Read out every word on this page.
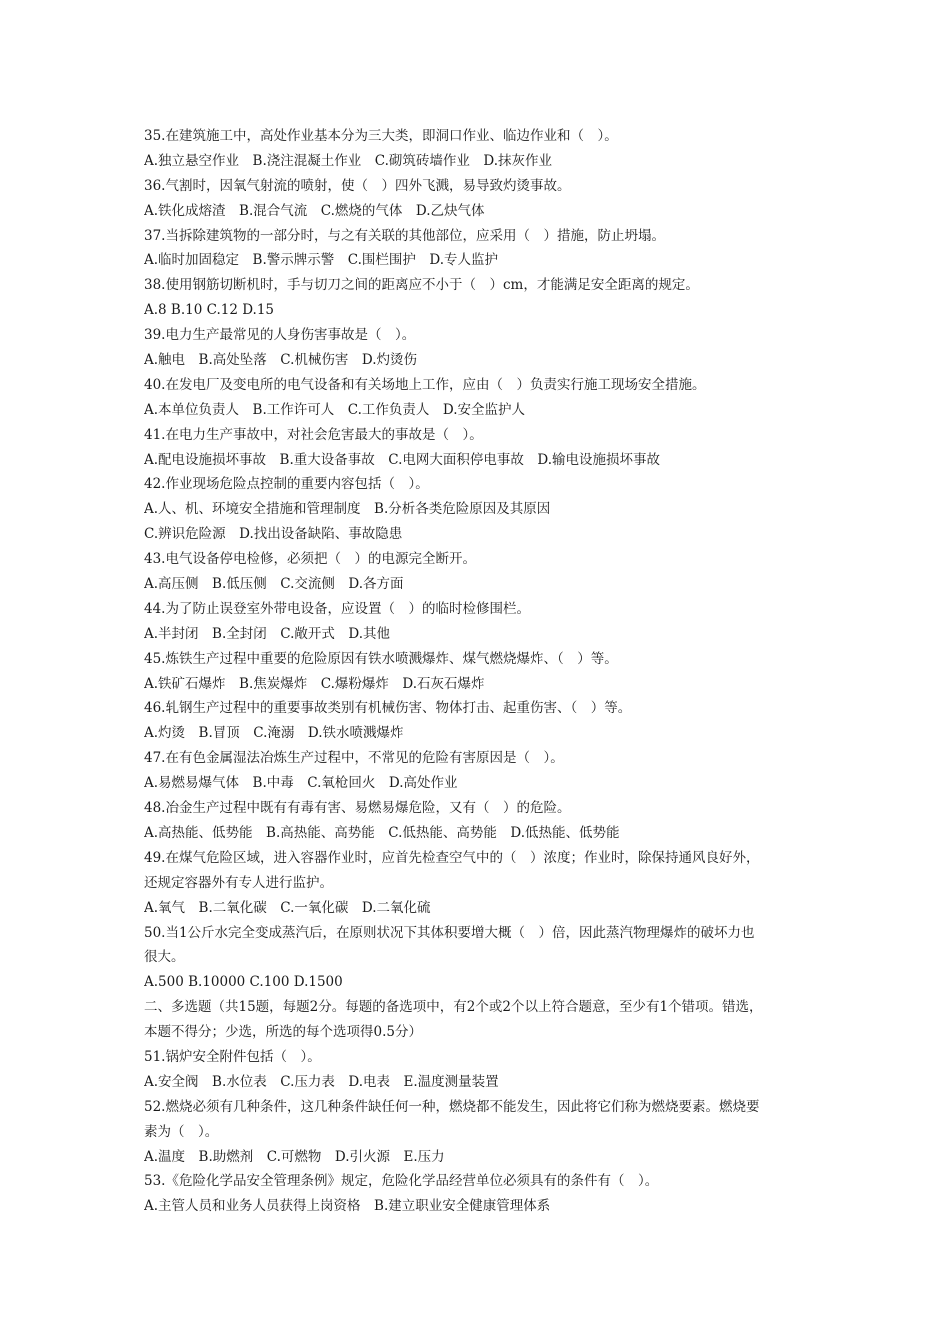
35.在建筑施工中，高处作业基本分为三大类，即洞口作业、临边作业和（　）。
A.独立悬空作业　B.浇注混凝土作业　C.砌筑砖墙作业　D.抹灰作业
36.气割时，因氧气射流的喷射，使（　）四外飞溅，易导致灼烫事故。
A.铁化成熔渣　B.混合气流　C.燃烧的气体　D.乙炔气体
37.当拆除建筑物的一部分时，与之有关联的其他部位，应采用（　）措施，防止坍塌。
A.临时加固稳定　B.警示牌示警　C.围栏围护　D.专人监护
38.使用钢筋切断机时，手与切刀之间的距离应不小于（　）cm，才能满足安全距离的规定。
A.8 B.10 C.12 D.15
39.电力生产最常见的人身伤害事故是（　）。
A.触电　B.高处坠落　C.机械伤害　D.灼烫伤
40.在发电厂及变电所的电气设备和有关场地上工作，应由（　）负责实行施工现场安全措施。
A.本单位负责人　B.工作许可人　C.工作负责人　D.安全监护人
41.在电力生产事故中，对社会危害最大的事故是（　）。
A.配电设施损坏事故　B.重大设备事故　C.电网大面积停电事故　D.输电设施损坏事故
42.作业现场危险点控制的重要内容包括（　）。
A.人、机、环境安全措施和管理制度　B.分析各类危险原因及其原因
C.辨识危险源　D.找出设备缺陷、事故隐患
43.电气设备停电检修，必须把（　）的电源完全断开。
A.高压侧　B.低压侧　C.交流侧　D.各方面
44.为了防止误登室外带电设备，应设置（　）的临时检修围栏。
A.半封闭　B.全封闭　C.敞开式　D.其他
45.炼铁生产过程中重要的危险原因有铁水喷溅爆炸、煤气燃烧爆炸、（　）等。
A.铁矿石爆炸　B.焦炭爆炸　C.爆粉爆炸　D.石灰石爆炸
46.轧钢生产过程中的重要事故类别有机械伤害、物体打击、起重伤害、（　）等。
A.灼烫　B.冒顶　C.淹溺　D.铁水喷溅爆炸
47.在有色金属湿法冶炼生产过程中，不常见的危险有害原因是（　）。
A.易燃易爆气体　B.中毒　C.氧枪回火　D.高处作业
48.冶金生产过程中既有有毒有害、易燃易爆危险，又有（　）的危险。
A.高热能、低势能　B.高热能、高势能　C.低热能、高势能　D.低热能、低势能
49.在煤气危险区域，进入容器作业时，应首先检查空气中的（　）浓度；作业时，除保持通风良好外，
还规定容器外有专人进行监护。
A.氧气　B.二氧化碳　C.一氧化碳　D.二氧化硫
50.当1公斤水完全变成蒸汽后，在原则状况下其体积要增大概（　）倍，因此蒸汽物理爆炸的破坏力也
很大。
A.500 B.10000 C.100 D.1500
二、多选题（共15题，每题2分。每题的备选项中，有2个或2个以上符合题意，至少有1个错项。错选，
本题不得分；少选，所选的每个选项得0.5分）
51.锅炉安全附件包括（　）。
A.安全阀　B.水位表　C.压力表　D.电表　E.温度测量装置
52.燃烧必须有几种条件，这几种条件缺任何一种，燃烧都不能发生，因此将它们称为燃烧要素。燃烧要
素为（　）。
A.温度　B.助燃剂　C.可燃物　D.引火源　E.压力
53.《危险化学品安全管理条例》规定，危险化学品经营单位必须具有的条件有（　）。
A.主管人员和业务人员获得上岗资格　B.建立职业安全健康管理体系
